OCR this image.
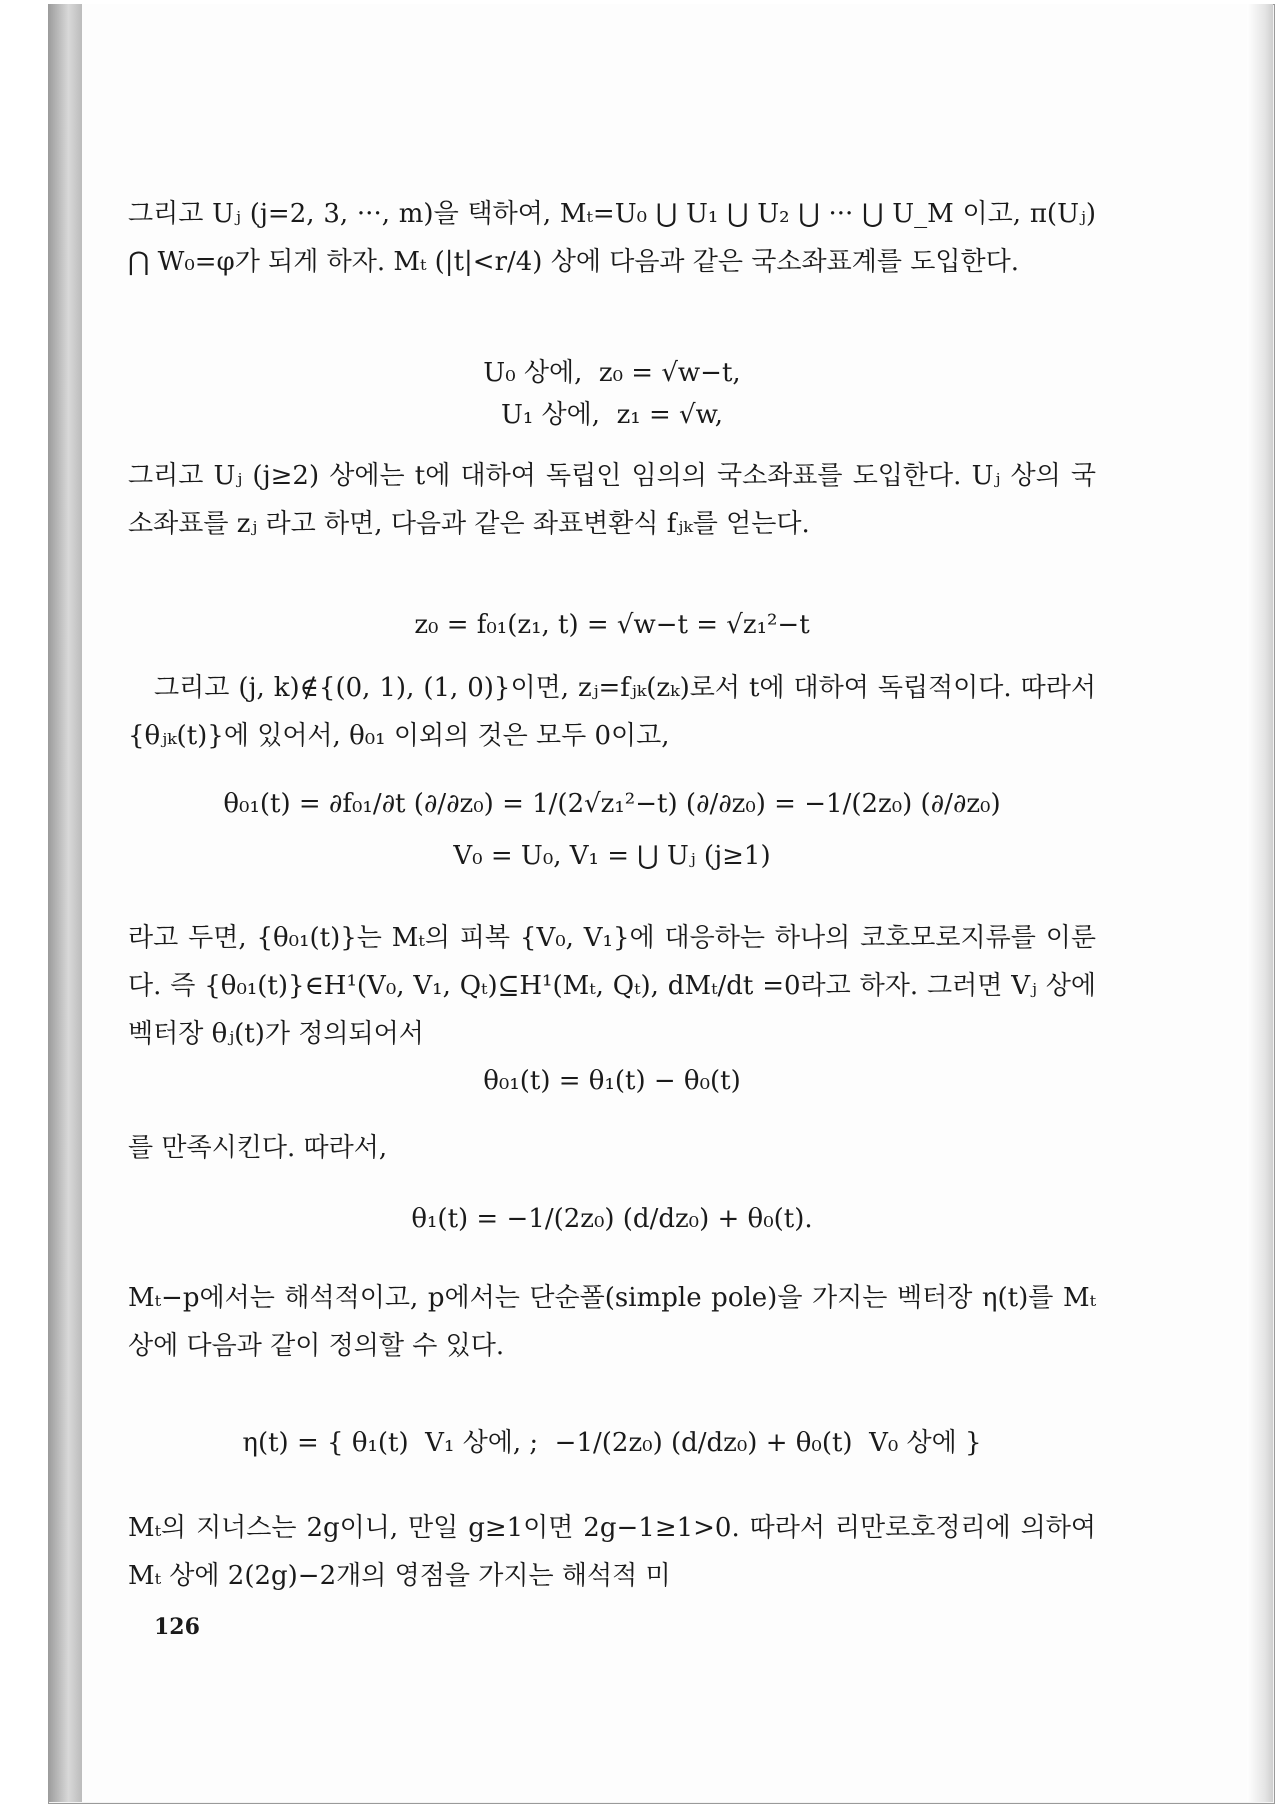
그리고 Uⱼ (j=2, 3, ···, m)을 택하여, Mₜ=U₀ ⋃ U₁ ⋃ U₂ ⋃ ··· ⋃ U_M 이고, π(Uⱼ) ⋂ W₀=φ가 되게 하자. Mₜ (|t|<r/4) 상에 다음과 같은 국소좌표계를 도입한다.

U₀ 상에,  z₀ = √w−t,
U₁ 상에,  z₁ = √w,

그리고 Uⱼ (j≥2) 상에는 t에 대하여 독립인 임의의 국소좌표를 도입한다. Uⱼ 상의 국소좌표를 zⱼ 라고 하면, 다음과 같은 좌표변환식 fⱼₖ를 얻는다.

z₀ = f₀₁(z₁, t) = √w−t = √z₁²−t

그리고 (j, k)∉{(0, 1), (1, 0)}이면, zⱼ=fⱼₖ(zₖ)로서 t에 대하여 독립적이다. 따라서 {θⱼₖ(t)}에 있어서, θ₀₁ 이외의 것은 모두 0이고,

θ₀₁(t) = ∂f₀₁/∂t (∂/∂z₀) = 1/(2√z₁²−t) (∂/∂z₀) = −1/(2z₀) (∂/∂z₀)
V₀ = U₀, V₁ = ⋃ Uⱼ (j≥1)

라고 두면, {θ₀₁(t)}는 Mₜ의 피복 {V₀, V₁}에 대응하는 하나의 코호모로지류를 이룬다. 즉 {θ₀₁(t)}∈H¹(V₀, V₁, Qₜ)⊆H¹(Mₜ, Qₜ), dMₜ/dt =0라고 하자. 그러면 Vⱼ 상에 벡터장 θⱼ(t)가 정의되어서

θ₀₁(t) = θ₁(t) − θ₀(t)

를 만족시킨다. 따라서,

θ₁(t) = −1/(2z₀) (d/dz₀) + θ₀(t).

Mₜ−p에서는 해석적이고, p에서는 단순폴(simple pole)을 가지는 벡터장 η(t)를 Mₜ 상에 다음과 같이 정의할 수 있다.

η(t) = { θ₁(t)  V₁ 상에, ;  −1/(2z₀) (d/dz₀) + θ₀(t)  V₀ 상에 }

Mₜ의 지너스는 2g이니, 만일 g≥1이면 2g−1≥1>0. 따라서 리만로호정리에 의하여 Mₜ 상에 2(2g)−2개의 영점을 가지는 해석적 미

126
